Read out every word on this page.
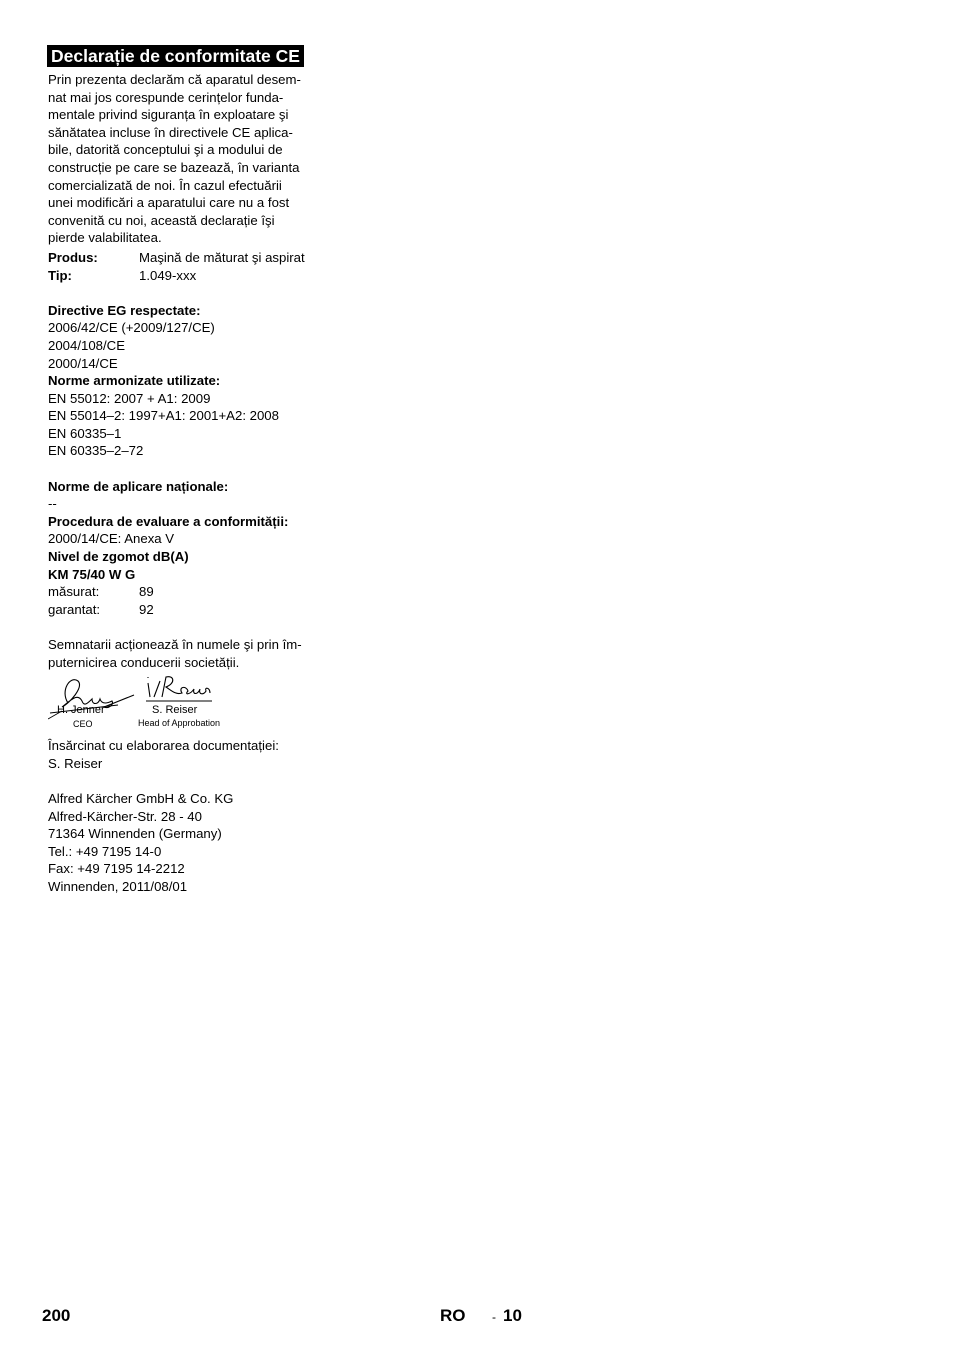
Declarație de conformitate CE
Prin prezenta declarăm că aparatul desem-
nat mai jos corespunde cerințelor funda-
mentale privind siguranța în exploatare şi
sănătatea incluse în directivele CE aplica-
bile, datorită conceptului şi a modului de
construcție pe care se bazează, în varianta
comercializată de noi. În cazul efectuării
unei modificări a aparatului care nu a fost
convenită cu noi, această declarație îşi
pierde valabilitatea.
Produs:	Maşină de măturat şi aspirat
Tip:	1.049-xxx
Directive EG respectate:
2006/42/CE (+2009/127/CE)
2004/108/CE
2000/14/CE
Norme armonizate utilizate:
EN 55012: 2007 + A1: 2009
EN 55014–2: 1997+A1: 2001+A2: 2008
EN 60335–1
EN 60335–2–72
Norme de aplicare naționale:
--
Procedura de evaluare a conformității:
2000/14/CE: Anexa V
Nivel de zgomot dB(A)
KM 75/40 W G
măsurat:	89
garantat:	92
Semnatarii acționează în numele şi prin îm-
puternicirea conducerii societății.
H. Jenner
CEO
S. Reiser
Head of Approbation
Însărcinat cu elaborarea documentației:
S. Reiser
Alfred Kärcher GmbH & Co. KG
Alfred-Kärcher-Str. 28 - 40
71364 Winnenden (Germany)
Tel.: +49 7195 14-0
Fax: +49 7195 14-2212
Winnenden, 2011/08/01
200	RO - 10
